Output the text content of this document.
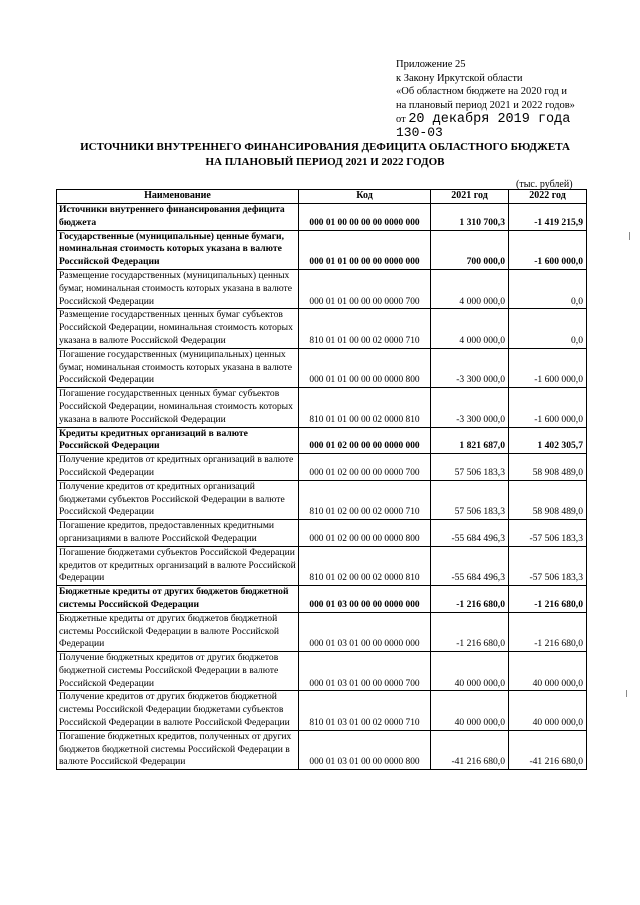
Приложение 25
к Закону Иркутской области
«Об областном бюджете на 2020 год и
на плановый период 2021 и 2022 годов»
от 20 декабря 2019 года
130-03
ИСТОЧНИКИ ВНУТРЕННЕГО ФИНАНСИРОВАНИЯ ДЕФИЦИТА ОБЛАСТНОГО БЮДЖЕТА
НА ПЛАНОВЫЙ ПЕРИОД 2021 И 2022 ГОДОВ
(тыс. рублей)
Наименование	Код	2021 год	2022 год
Источники внутреннего финансирования дефицита бюджета	000 01 00 00 00 00 0000 000	1 310 700,3	-1 419 215,9
Государственные (муниципальные) ценные бумаги, номинальная стоимость которых указана в валюте Российской Федерации	000 01 01 00 00 00 0000 000	700 000,0	-1 600 000,0
Размещение государственных (муниципальных) ценных бумаг, номинальная стоимость которых указана в валюте Российской Федерации	000 01 01 00 00 00 0000 700	4 000 000,0	0,0
Размещение государственных ценных бумаг субъектов Российской Федерации, номинальная стоимость которых указана в валюте Российской Федерации	810 01 01 00 00 02 0000 710	4 000 000,0	0,0
Погашение государственных (муниципальных) ценных бумаг, номинальная стоимость которых указана в валюте Российской Федерации	000 01 01 00 00 00 0000 800	-3 300 000,0	-1 600 000,0
Погашение государственных ценных бумаг субъектов Российской Федерации, номинальная стоимость которых указана в валюте Российской Федерации	810 01 01 00 00 02 0000 810	-3 300 000,0	-1 600 000,0
Кредиты кредитных организаций в валюте Российской Федерации	000 01 02 00 00 00 0000 000	1 821 687,0	1 402 305,7
Получение кредитов от кредитных организаций в валюте Российской Федерации	000 01 02 00 00 00 0000 700	57 506 183,3	58 908 489,0
Получение кредитов от кредитных организаций бюджетами субъектов Российской Федерации в валюте Российской Федерации	810 01 02 00 00 02 0000 710	57 506 183,3	58 908 489,0
Погашение кредитов, предоставленных кредитными организациями в валюте Российской Федерации	000 01 02 00 00 00 0000 800	-55 684 496,3	-57 506 183,3
Погашение бюджетами субъектов Российской Федерации кредитов от кредитных организаций в валюте Российской Федерации	810 01 02 00 00 02 0000 810	-55 684 496,3	-57 506 183,3
Бюджетные кредиты от других бюджетов бюджетной системы Российской Федерации	000 01 03 00 00 00 0000 000	-1 216 680,0	-1 216 680,0
Бюджетные кредиты от других бюджетов бюджетной системы Российской Федерации в валюте Российской Федерации	000 01 03 01 00 00 0000 000	-1 216 680,0	-1 216 680,0
Получение бюджетных кредитов от других бюджетов бюджетной системы Российской Федерации в валюте Российской Федерации	000 01 03 01 00 00 0000 700	40 000 000,0	40 000 000,0
Получение кредитов от других бюджетов бюджетной системы Российской Федерации бюджетами субъектов Российской Федерации в валюте Российской Федерации	810 01 03 01 00 02 0000 710	40 000 000,0	40 000 000,0
Погашение бюджетных кредитов, полученных от других бюджетов бюджетной системы Российской Федерации в валюте Российской Федерации	000 01 03 01 00 00 0000 800	-41 216 680,0	-41 216 680,0
